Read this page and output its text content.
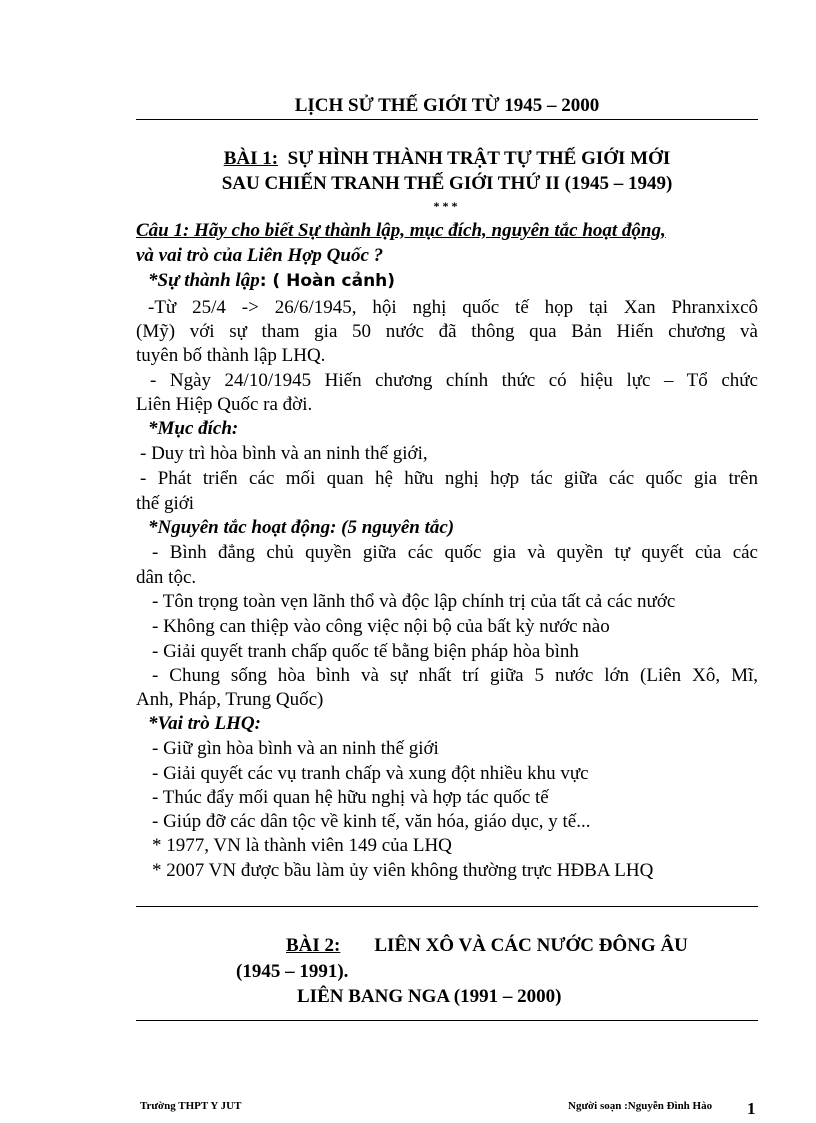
LỊCH SỬ THẾ GIỚI TỪ 1945 – 2000
BÀI 1: SỰ HÌNH THÀNH TRẬT TỰ THẾ GIỚI MỚI
SAU CHIẾN TRANH THẾ GIỚI THỨ II (1945 – 1949)
***
Câu 1: Hãy cho biết Sự thành lập, mục đích, nguyên tắc hoạt động,
và vai trò của Liên Hợp Quốc ?
*Sự thành lập: ( Hoàn cảnh)
-Từ 25/4 -> 26/6/1945, hội nghị quốc tế họp tại Xan Phranxixcô
(Mỹ) với sự tham gia 50 nước đã thông qua Bản Hiến chương và
tuyên bố thành lập LHQ.
- Ngày 24/10/1945 Hiến chương chính thức có hiệu lực – Tổ chức
Liên Hiệp Quốc ra đời.
*Mục đích:
- Duy trì hòa bình và an ninh thế giới,
- Phát triển các mối quan hệ hữu nghị hợp tác giữa các quốc gia trên
thế giới
*Nguyên tắc hoạt động: (5 nguyên tắc)
- Bình đẳng chủ quyền giữa các quốc gia và quyền tự quyết của các
dân tộc.
- Tôn trọng toàn vẹn lãnh thổ và độc lập chính trị của tất cả các nước
- Không can thiệp vào công việc nội bộ của bất kỳ nước nào
- Giải quyết tranh chấp quốc tế bằng biện pháp hòa bình
- Chung sống hòa bình và sự nhất trí giữa 5 nước lớn (Liên Xô, Mĩ,
Anh, Pháp, Trung Quốc)
*Vai trò LHQ:
- Giữ gìn hòa bình và an ninh thế giới
- Giải quyết các vụ tranh chấp và xung đột nhiều khu vực
- Thúc đẩy mối quan hệ hữu nghị và hợp tác quốc tế
- Giúp đỡ các dân tộc về kinh tế, văn hóa, giáo dục, y tế...
* 1977, VN là thành viên 149 của LHQ
* 2007 VN được bầu làm ủy viên không thường trực HĐBA LHQ
BÀI 2: LIÊN XÔ VÀ CÁC NƯỚC ĐÔNG ÂU
(1945 – 1991).
LIÊN BANG NGA (1991 – 2000)
Trường THPT Y JUT	Người soạn :Nguyễn Đình Hào 1
